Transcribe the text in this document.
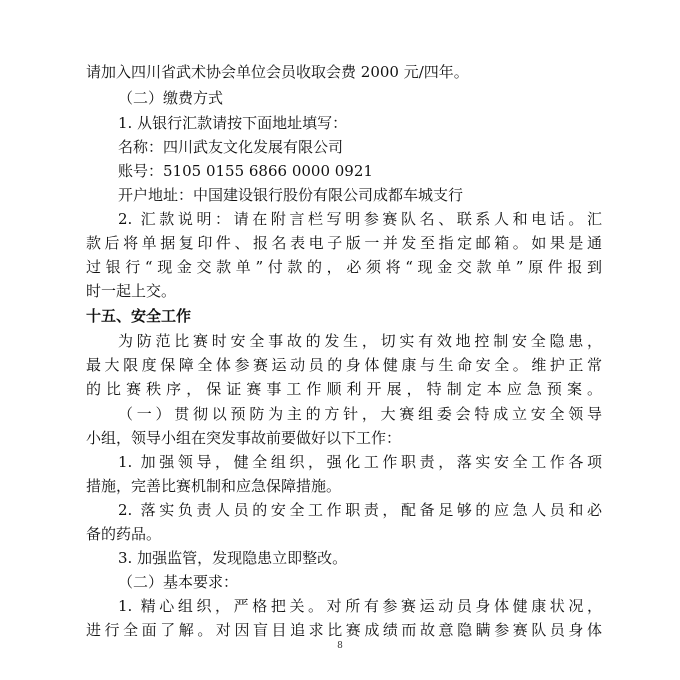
请加入四川省武术协会单位会员收取会费 2000 元/四年。
（二）缴费方式
1. 从银行汇款请按下面地址填写：
名称：四川武友文化发展有限公司
账号：5105 0155 6866 0000 0921
开户地址：中国建设银行股份有限公司成都车城支行
2. 汇款说明：请在附言栏写明参赛队名、联系人和电话。汇
款后将单据复印件、报名表电子版一并发至指定邮箱。如果是通
过银行“现金交款单”付款的，必须将“现金交款单”原件报到
时一起上交。
十五、安全工作
为防范比赛时安全事故的发生，切实有效地控制安全隐患，
最大限度保障全体参赛运动员的身体健康与生命安全。维护正常
的比赛秩序，保证赛事工作顺利开展，特制定本应急预案。
（一）贯彻以预防为主的方针，大赛组委会特成立安全领导
小组，领导小组在突发事故前要做好以下工作：
1. 加强领导，健全组织，强化工作职责，落实安全工作各项
措施，完善比赛机制和应急保障措施。
2. 落实负责人员的安全工作职责，配备足够的应急人员和必
备的药品。
3. 加强监管，发现隐患立即整改。
（二）基本要求：
1. 精心组织，严格把关。对所有参赛运动员身体健康状况，
进行全面了解。对因盲目追求比赛成绩而故意隐瞒参赛队员身体
8
